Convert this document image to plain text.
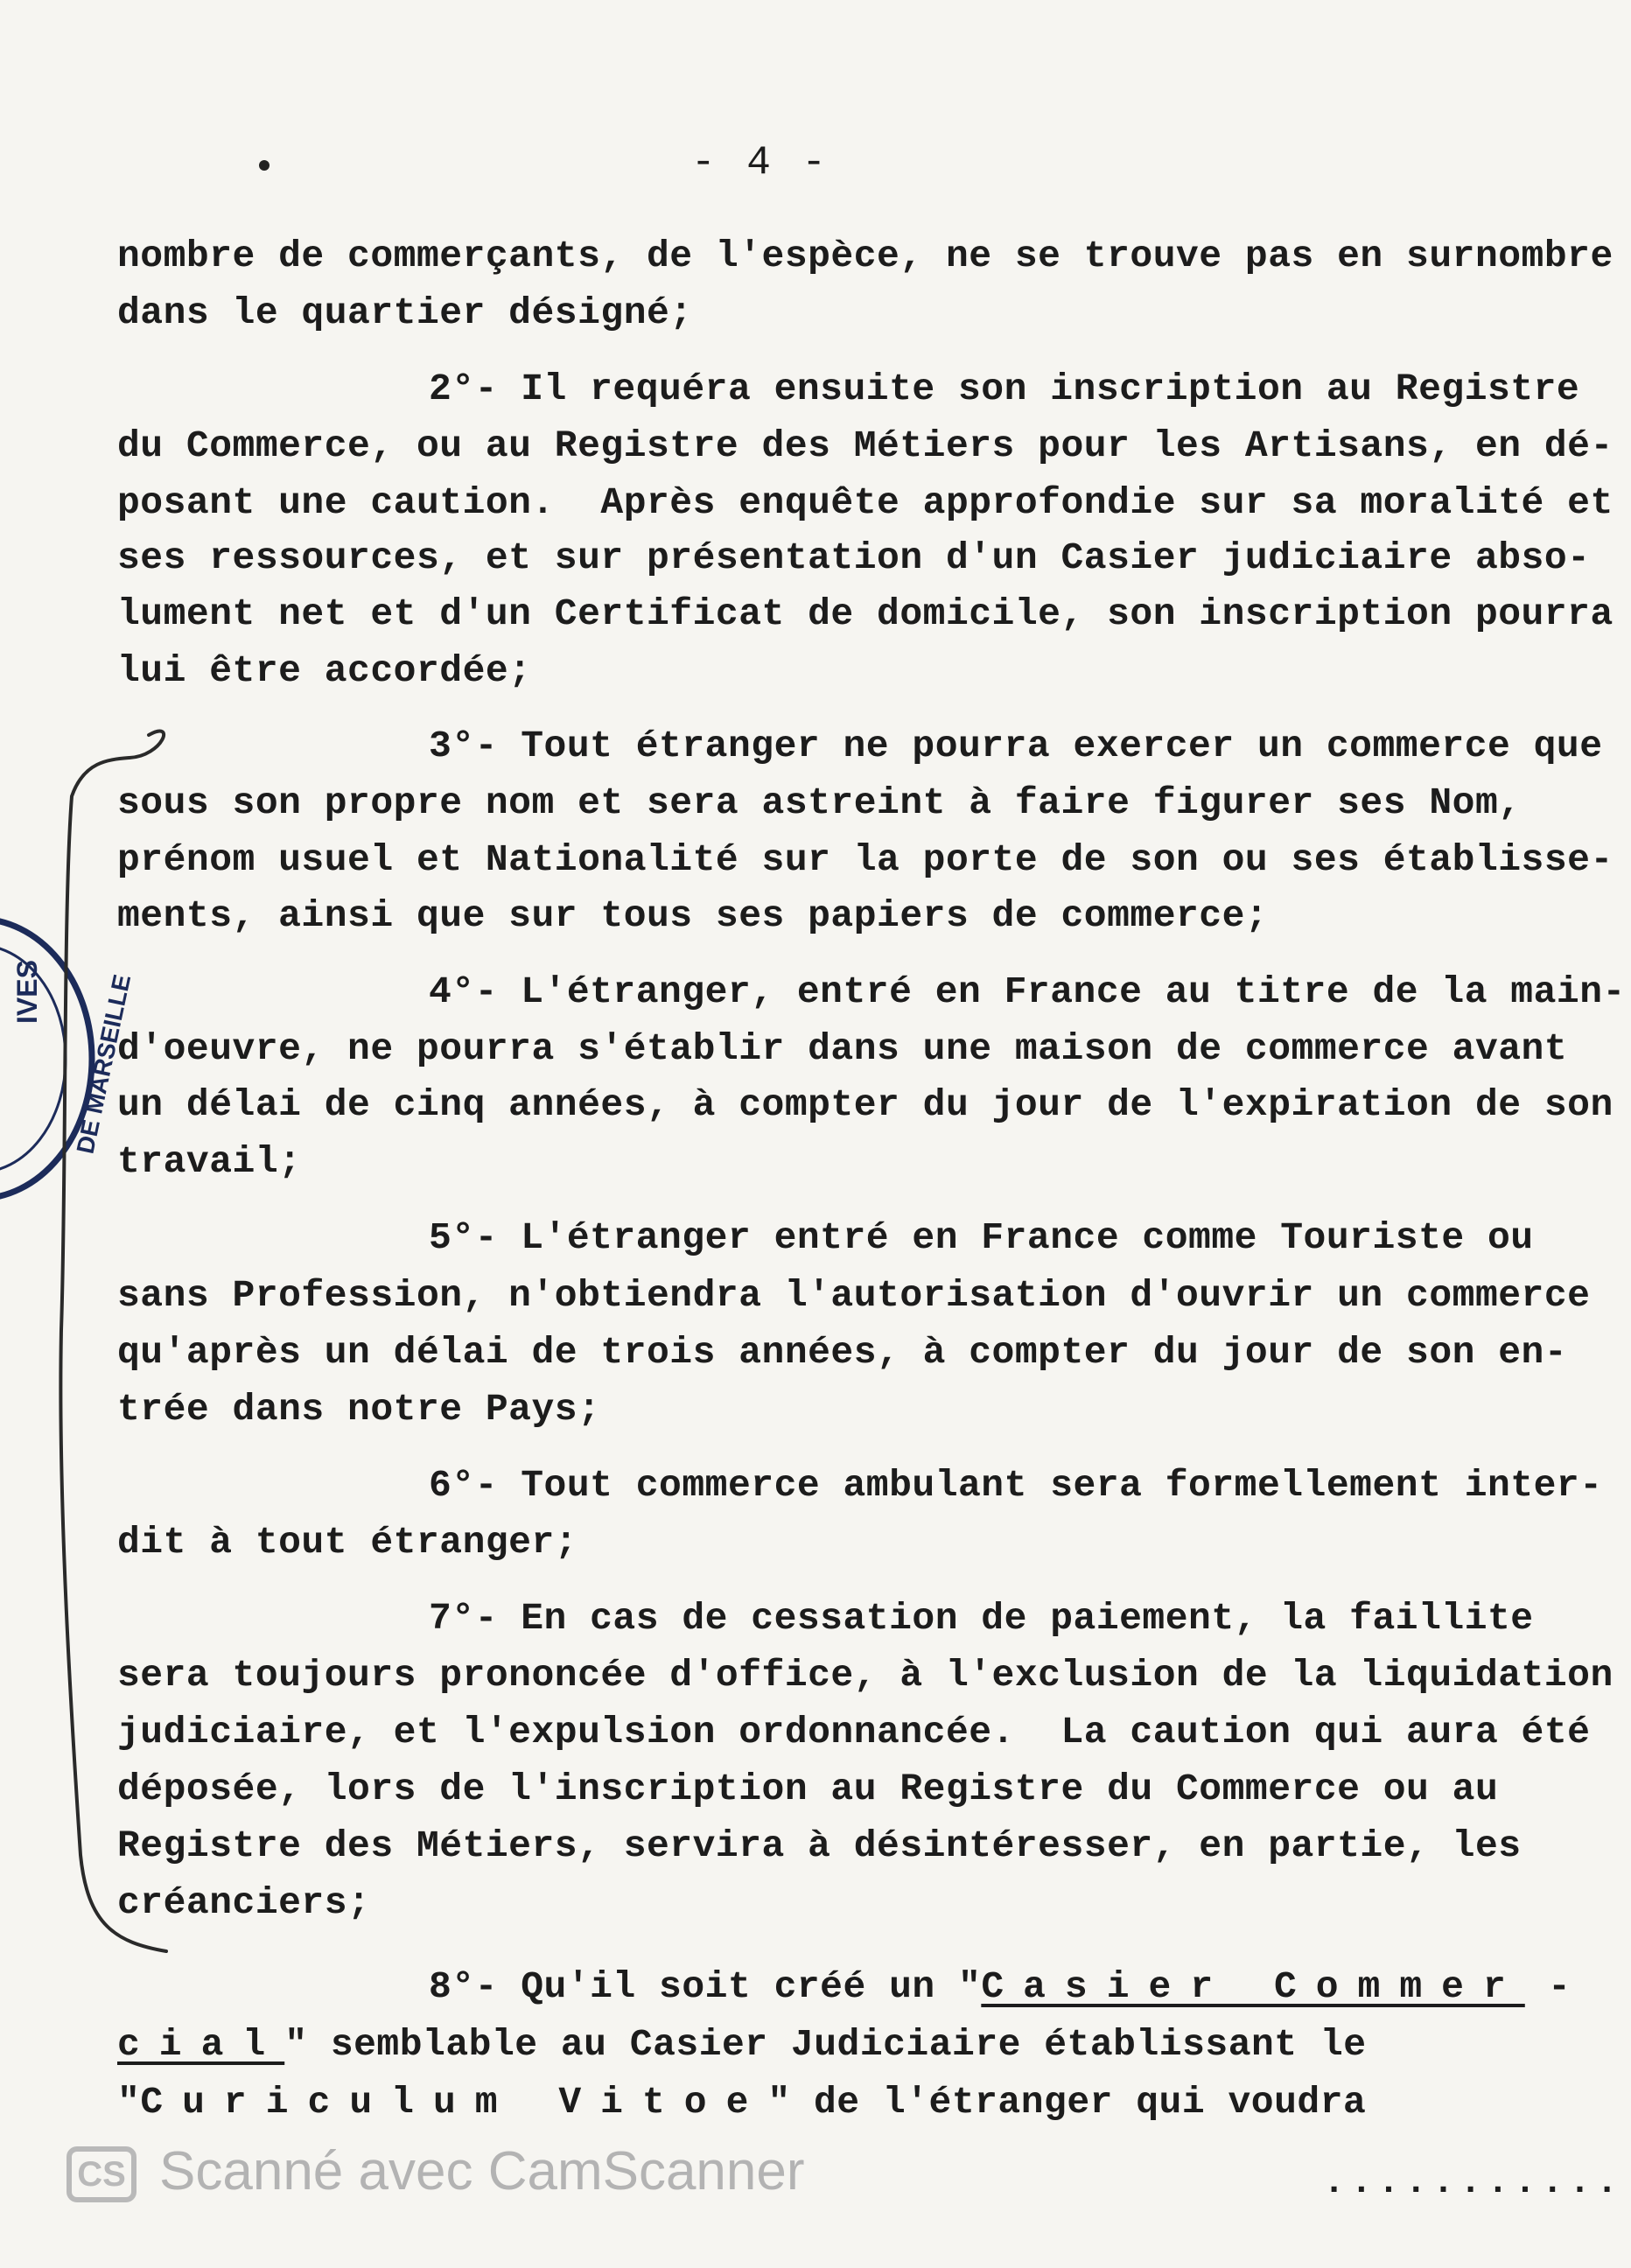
- 4 -
nombre de commerçants, de l'espèce, ne se trouve pas en surnombre
dans le quartier désigné;
2°- Il requéra ensuite son inscription au Registre
du Commerce, ou au Registre des Métiers pour les Artisans, en dé-
posant une caution.  Après enquête approfondie sur sa moralité et
ses ressources, et sur présentation d'un Casier judiciaire abso-
lument net et d'un Certificat de domicile, son inscription pourra
lui être accordée;
3°- Tout étranger ne pourra exercer un commerce que
sous son propre nom et sera astreint à faire figurer ses Nom,
prénom usuel et Nationalité sur la porte de son ou ses établisse-
ments, ainsi que sur tous ses papiers de commerce;
4°- L'étranger, entré en France au titre de la main-
d'oeuvre, ne pourra s'établir dans une maison de commerce avant
un délai de cinq années, à compter du jour de l'expiration de son
travail;
5°- L'étranger entré en France comme Touriste ou
sans Profession, n'obtiendra l'autorisation d'ouvrir un commerce
qu'après un délai de trois années, à compter du jour de son en-
trée dans notre Pays;
6°- Tout commerce ambulant sera formellement inter-
dit à tout étranger;
7°- En cas de cessation de paiement, la faillite
sera toujours prononcée d'office, à l'exclusion de la liquidation
judiciaire, et l'expulsion ordonnancée.  La caution qui aura été
déposée, lors de l'inscription au Registre du Commerce ou au
Registre des Métiers, servira à désintéresser, en partie, les
créanciers;
8°- Qu'il soit créé un "Casier Commer -
cial" semblable au Casier Judiciaire établissant le
"Curiculum Vitoe" de l'étranger qui voudra
...........
IVES DE MARSEILLE
CS Scanné avec CamScanner
